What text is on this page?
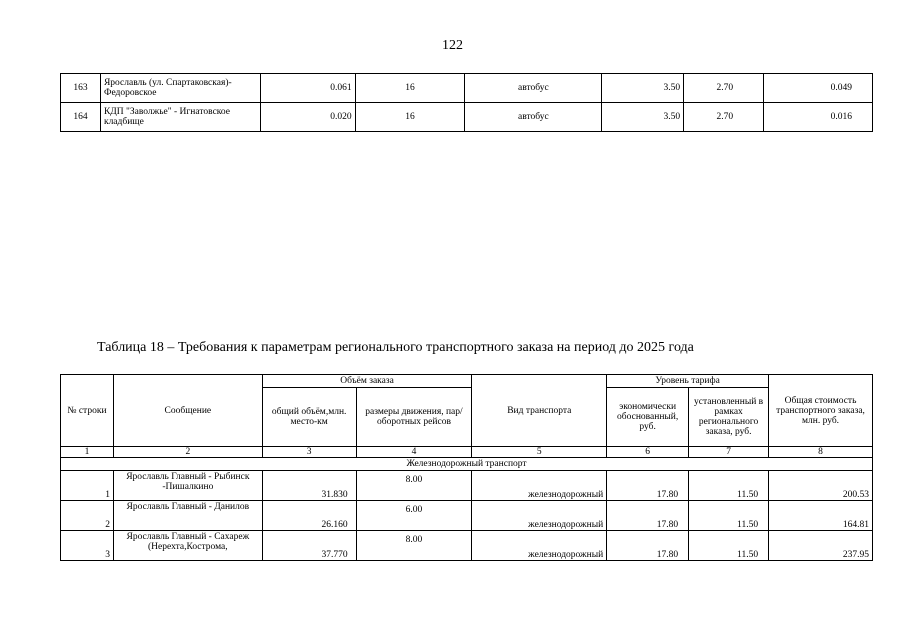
122
163	Ярославль (ул. Спартаковская)-Федоровское	0.061	16	автобус	3.50	2.70	0.049
164	КДП "Заволжье" - Игнатовское кладбище	0.020	16	автобус	3.50	2.70	0.016
Таблица 18 – Требования к параметрам регионального транспортного заказа на период до 2025 года
№ строки	Сообщение	Объём заказа		Вид транспорта	Уровень тарифа		Общая стоимость транспортного заказа, млн. руб.
		общий объём,млн. место-км	размеры движения, пар/оборотных рейсов		экономически обоснованный, руб.	установленный в рамках регионального заказа, руб.	
1	2	3	4	5	6	7	8
Железнодорожный транспорт							
1	Ярославль Главный - Рыбинск -Пишалкино	31.830	8.00	железнодорожный	17.80	11.50	200.53
2	Ярославль Главный - Данилов	26.160	6.00	железнодорожный	17.80	11.50	164.81
3	Ярославль Главный - Сахареж (Нерехта,Кострома,	37.770	8.00	железнодорожный	17.80	11.50	237.95
